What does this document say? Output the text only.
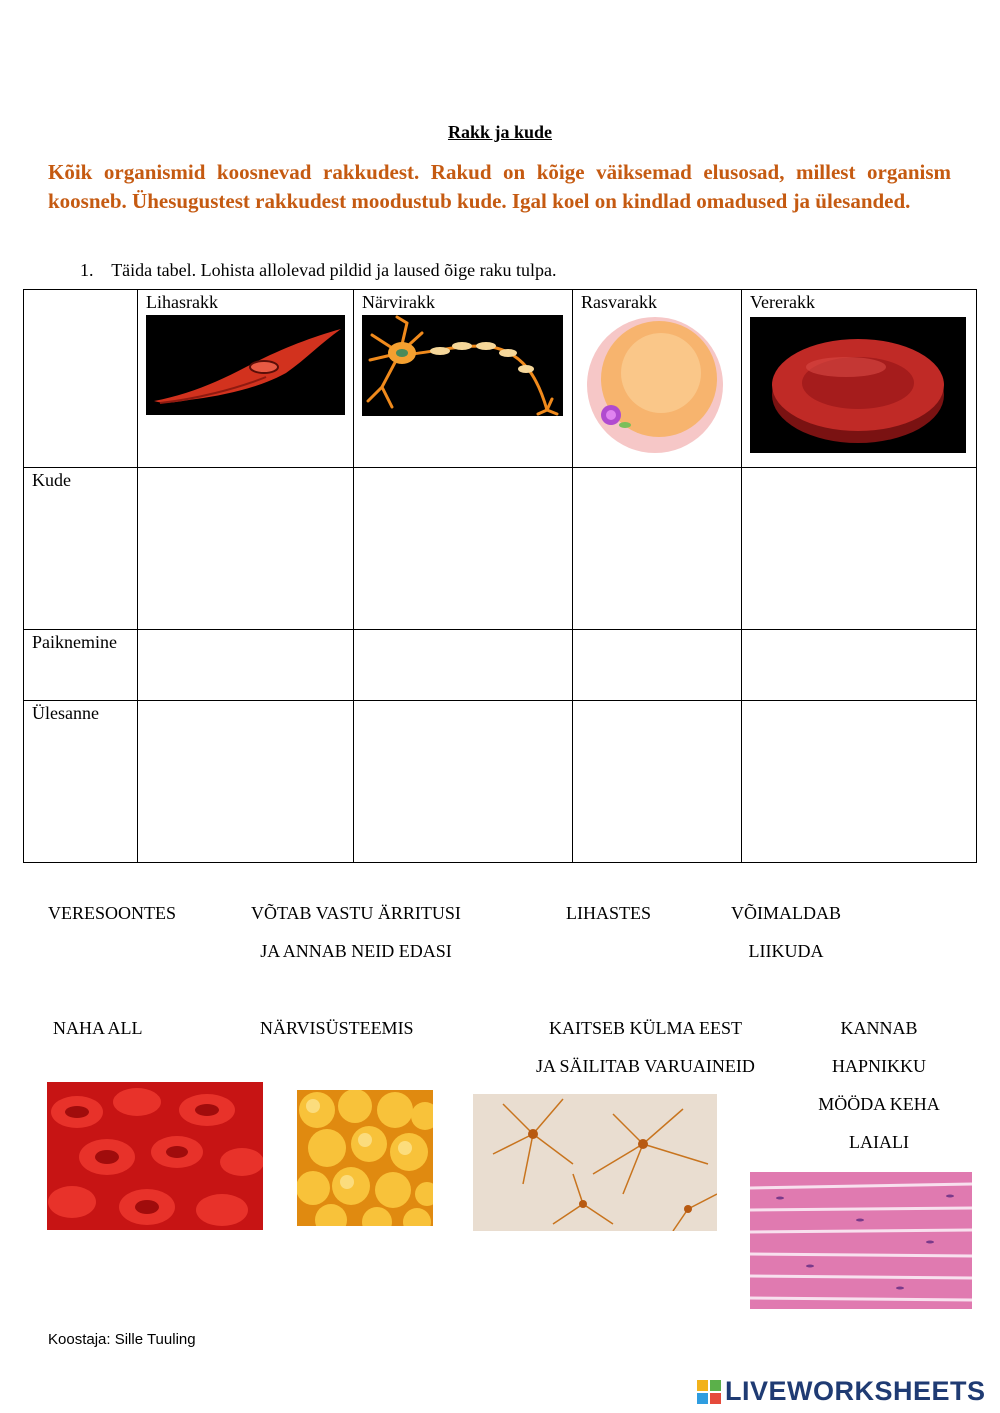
Rakk ja kude
Kõik organismid koosnevad rakkudest. Rakud on kõige väiksemad elusosad, millest organism koosneb. Ühesugustest rakkudest moodustub kude. Igal koel on kindlad omadused ja ülesanded.
1. Täida tabel. Lohista allolevad pildid ja laused õige raku tulpa.

	Lihasrakk	Närvirakk	Rasvarakk	Vererakk

Kude				
Paiknemine				
Ülesanne				
VERESOONTES	VÕTAB VASTU ÄRRITUSI
JA ANNAB NEID EDASI
LIHASTES	VÕIMALDAB
LIIKUDA
NAHA ALL	NÄRVISÜSTEEMIS	KAITSEB KÜLMA EEST
JA SÄILITAB VARUAINEID
KANNAB
HAPNIKKU
MÖÖDA KEHA
LAIALI
Koostaja: Sille Tuuling
LIVEWORKSHEETS
